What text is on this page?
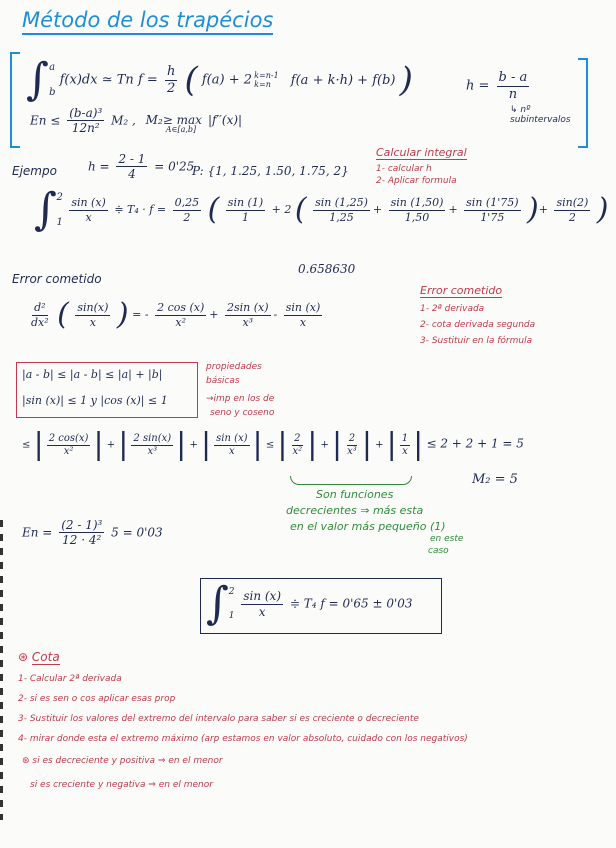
Método de los trapécios
∫ a
b
f(x)dx ≃ Tn $f = \frac{h}{2}$ ( f(a) + 2 k=n-1
k=n	f(a + k·h) + f(b) )	$h = \frac{b - a}{n}$
↳ nº subintervalos
$En \le \frac{\text{(b-a)³}}{\text{12n²}} M_2$ , M₂≥ max $_{A\in[a,b]}$ |f′′(x)|
Ejempo	$h = \frac{2 - 1}{4} = 0'25$
P: {1, 1.25, 1.50, 1.75, 2}
Calcular integral
1- calcular h
2- Aplicar formula
∫ 2
1
$\frac{\sin (x)}{x}$ ≑ $T_4 \cdot f = \frac{0,25}{2}$ ( $\frac{\sin (1)}{1} + 2$ ( $\frac{\sin (1,25)}{1,25} + \frac{\sin (1,50)}{1,50} + \frac{\sin (1'75)}{1'75}$ )+ $\frac{\sin(2)}{2}$ )
0.658630
Error cometido
$\frac{\text{d²}}{\text{dx²}}$ ( $\frac{\sin(x)}{x}$ ) = - $\frac{2 \cos (x)}{\text{x²}} + \frac{2\sin (x)}{\text{x³}} - \frac{\sin (x)}{x}$
Error cometido
1- 2ª derivada
2- cota derivada segunda
3- Sustituir en la fórmula
|a - b| ≤ |a - b| ≤ |a| + |b|
|sin (x)| ≤ 1 y |cos (x)| ≤ 1
propiedades
básicas
→imp en los de
seno y coseno
≤ | $\frac{2 \cos(x)}{\text{x²}}$ | + | $\frac{2 \sin(x)}{\text{x³}}$ | + | $\frac{\sin (x)}{x}$ | ≤ | $\frac{2}{\text{x²}}$ | + | $\frac{2}{\text{x³}}$ | + | $\frac{1}{x}$ | ≤ 2 + 2 + 1 = 5
Son funciones
decrecientes ⇒ más esta
en el valor más pequeño (1)
en este
caso
M₂ = 5
$En = \frac{\text{(2 - 1)³}}{\text{12 · 4²}} 5 = 0'03$
∫ 2
1
$\frac{\sin (x)}{x}$ ≑ T₄ f = 0'65 ± 0'03
⊛ Cota
1- Calcular 2ª derivada
2- si es sen o cos aplicar esas prop
3- Sustituir los valores del extremo del intervalo para saber si es creciente o decreciente
4- mirar donde esta el extremo máximo (arp estamos en valor absoluto, cuidado con los negativos)
⊛ si es decreciente y positiva ⇒ en el menor
si es creciente y negativa ⇒ en el menor
